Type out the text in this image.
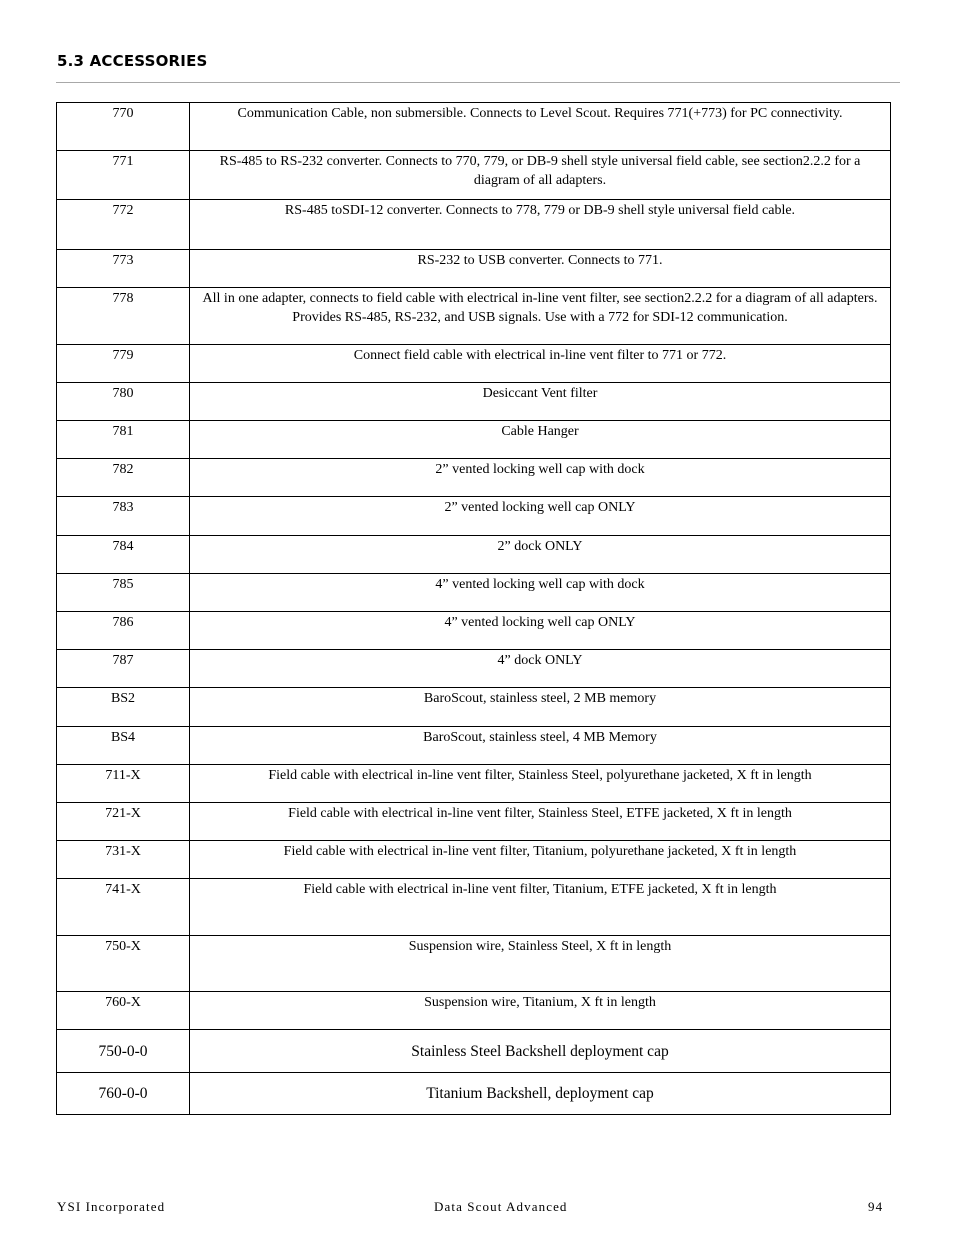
5.3 ACCESSORIES
770	Communication Cable, non submersible. Connects to Level Scout. Requires 771(+773) for PC connectivity.
771	RS-485 to RS-232 converter. Connects to 770, 779, or DB-9 shell style universal field cable, see section2.2.2 for a diagram of all adapters.
772	RS-485 toSDI-12 converter. Connects to 778, 779 or DB-9 shell style universal field cable.
773	RS-232 to USB converter. Connects to 771.
778	All in one adapter, connects to field cable with electrical in-line vent filter, see section2.2.2 for a diagram of all adapters. Provides RS-485, RS-232, and USB signals. Use with a 772 for SDI-12 communication.
779	Connect field cable with electrical in-line vent filter to 771 or 772.
780	Desiccant Vent filter
781	Cable Hanger
782	2” vented locking well cap with dock
783	2” vented locking well cap ONLY
784	2” dock ONLY
785	4” vented locking well cap with dock
786	4” vented locking well cap ONLY
787	4” dock ONLY
BS2	BaroScout, stainless steel, 2 MB memory
BS4	BaroScout, stainless steel, 4 MB Memory
711-X	Field cable with electrical in-line vent filter, Stainless Steel, polyurethane jacketed, X ft in length
721-X	Field cable with electrical in-line vent filter, Stainless Steel, ETFE jacketed, X ft in length
731-X	Field cable with electrical in-line vent filter, Titanium, polyurethane jacketed, X ft in length
741-X	Field cable with electrical in-line vent filter, Titanium, ETFE jacketed, X ft in length
750-X	Suspension wire, Stainless Steel, X ft in length
760-X	Suspension wire, Titanium, X ft in length
750-0-0	Stainless Steel Backshell deployment cap
760-0-0	Titanium Backshell, deployment cap
YSI Incorporated	Data Scout Advanced	94
